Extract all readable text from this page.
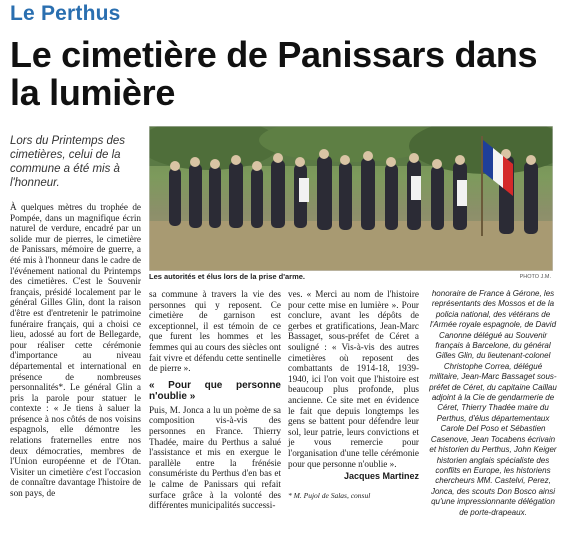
Le Perthus
Le cimetière de Panissars dans la lumière
Lors du Printemps des cimetières, celui de la commune a été mis à l'honneur.
Les autorités et élus lors de la prise d'arme.	PHOTO J.M.

À quelques mètres du trophée de Pompée, dans un magnifique écrin naturel de verdure, encadré par un solide mur de pierres, le cimetière de Panissars, mémoire de guerre, a été mis à l'honneur dans le cadre de l'événement national du Printemps des cimetières. C'est le Souvenir français, présidé localement par le général Gilles Glin, dont la raison d'être est d'entretenir le patrimoine funéraire français, qui a choisi ce lieu, adossé au fort de Bellegarde, pour réaliser cette cérémonie d'importance au niveau départemental et international en présence de nombreuses personnalités*. Le général Glin a pris la parole pour statuer le contexte : « Je tiens à saluer la présence à nos côtés de nos voisins espagnols, elle démontre les relations fraternelles entre nos deux démocraties, membres de l'Union européenne et de l'Otan. Visiter un cimetière c'est l'occasion de connaître davantage l'histoire de son pays, de

sa commune à travers la vie des personnes qui y reposent. Ce cimetière de garnison est exceptionnel, il est témoin de ce que furent les hommes et les femmes qui au cours des siècles ont fait vivre et défendu cette sentinelle de pierre ».

« Pour que personne n'oublie »

Puis, M. Jonca a lu un poème de sa composition vis-à-vis des personnes en France. Thierry Thadée, maire du Perthus a salué l'assistance et mis en exergue le parallèle entre la frénésie consumériste du Perthus d'en bas et le calme de Panissars qui refait surface grâce à la volonté des différentes municipalités successi-

ves. « Merci au nom de l'histoire pour cette mise en lumière ». Pour conclure, avant les dépôts de gerbes et gratifications, Jean-Marc Bassaget, sous-préfet de Céret a souligné : « Vis-à-vis des autres cimetières où reposent des combattants de 1914-18, 1939-1940, ici l'on voit que l'histoire est beaucoup plus profonde, plus ancienne. Ce site met en évidence le fait que depuis longtemps les gens se battent pour défendre leur sol, leur patrie, leurs convictions et je vous remercie pour l'organisation d'une telle cérémonie pour que personne n'oublie ».

Jacques Martinez
* M. Pujol de Salas, consul

honoraire de France à Gérone, les représentants des Mossos et de la policia national, des vétérans de l'Armée royale espagnole, de David Canonne délégué au Souvenir français à Barcelone, du général Gilles Glin, du lieutenant-colonel Christophe Correa, délégué militaire, Jean-Marc Bassaget sous-préfet de Céret, du capitaine Caillau adjoint à la Cie de gendarmerie de Céret, Thierry Thadée maire du Perthus, d'élus départementaux Carole Del Poso et Sébastien Casenove, Jean Tocabens écrivain et historien du Perthus, John Keiger historien anglais spécialiste des conflits en Europe, les historiens chercheurs MM. Castelvi, Perez, Jonca, des scouts Don Bosco ainsi qu'une impressionnante délégation de porte-drapeaux.
